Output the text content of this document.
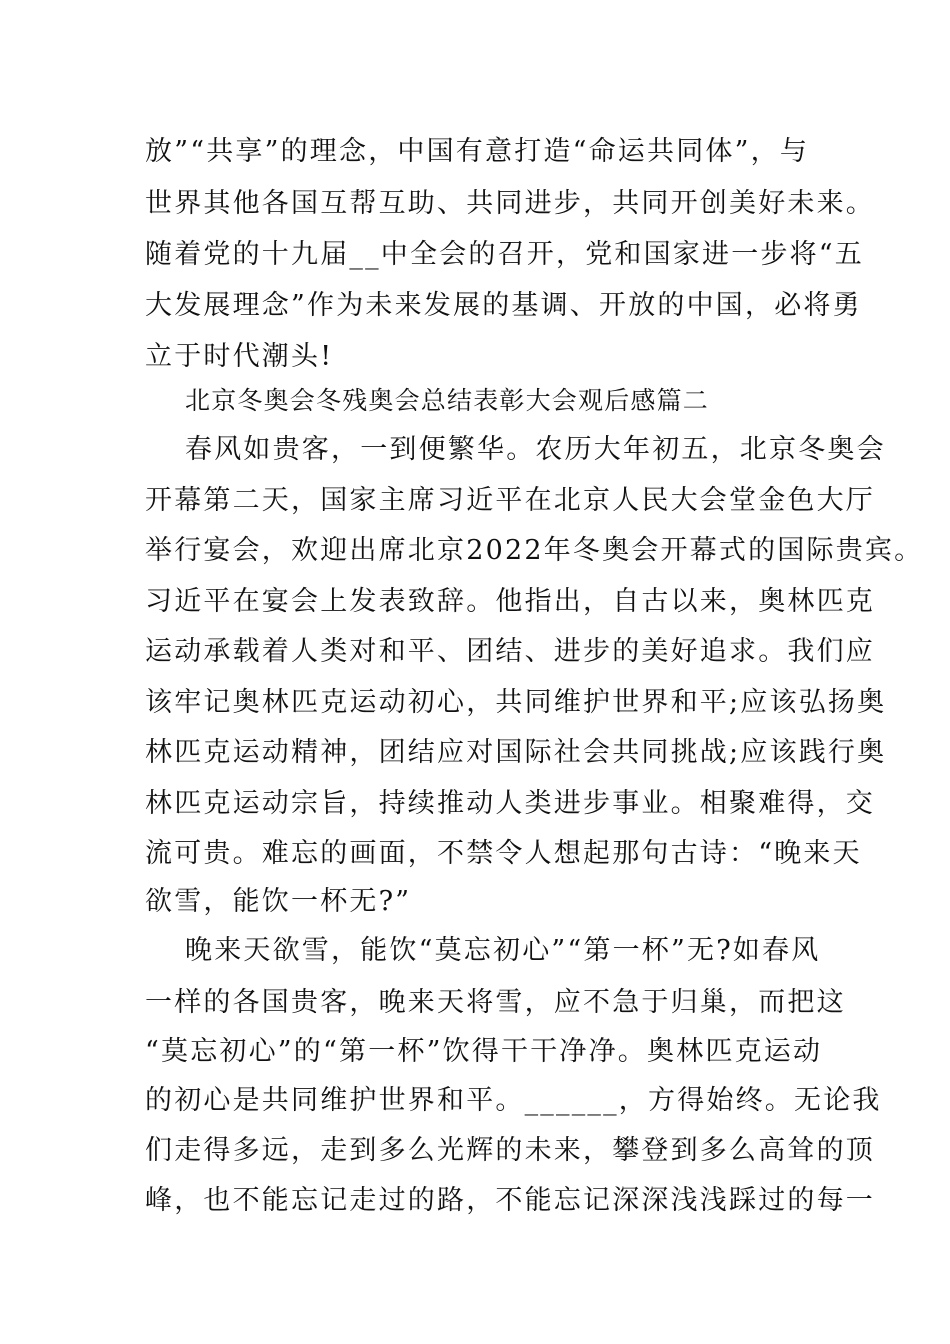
放”“共享”的理念，中国有意打造“命运共同体”，与
世界其他各国互帮互助、共同进步，共同开创美好未来。
随着党的十九届__中全会的召开，党和国家进一步将“五
大发展理念”作为未来发展的基调、开放的中国，必将勇
立于时代潮头!
北京冬奥会冬残奥会总结表彰大会观后感篇二
春风如贵客，一到便繁华。农历大年初五，北京冬奥会
开幕第二天，国家主席习近平在北京人民大会堂金色大厅
举行宴会，欢迎出席北京2022年冬奥会开幕式的国际贵宾。
习近平在宴会上发表致辞。他指出，自古以来，奥林匹克
运动承载着人类对和平、团结、进步的美好追求。我们应
该牢记奥林匹克运动初心，共同维护世界和平;应该弘扬奥
林匹克运动精神，团结应对国际社会共同挑战;应该践行奥
林匹克运动宗旨，持续推动人类进步事业。相聚难得，交
流可贵。难忘的画面，不禁令人想起那句古诗：“晚来天
欲雪，能饮一杯无?”
晚来天欲雪，能饮“莫忘初心”“第一杯”无?如春风
一样的各国贵客，晚来天将雪，应不急于归巢，而把这
“莫忘初心”的“第一杯”饮得干干净净。奥林匹克运动
的初心是共同维护世界和平。______，方得始终。无论我
们走得多远，走到多么光辉的未来，攀登到多么高耸的顶
峰，也不能忘记走过的路，不能忘记深深浅浅踩过的每一
